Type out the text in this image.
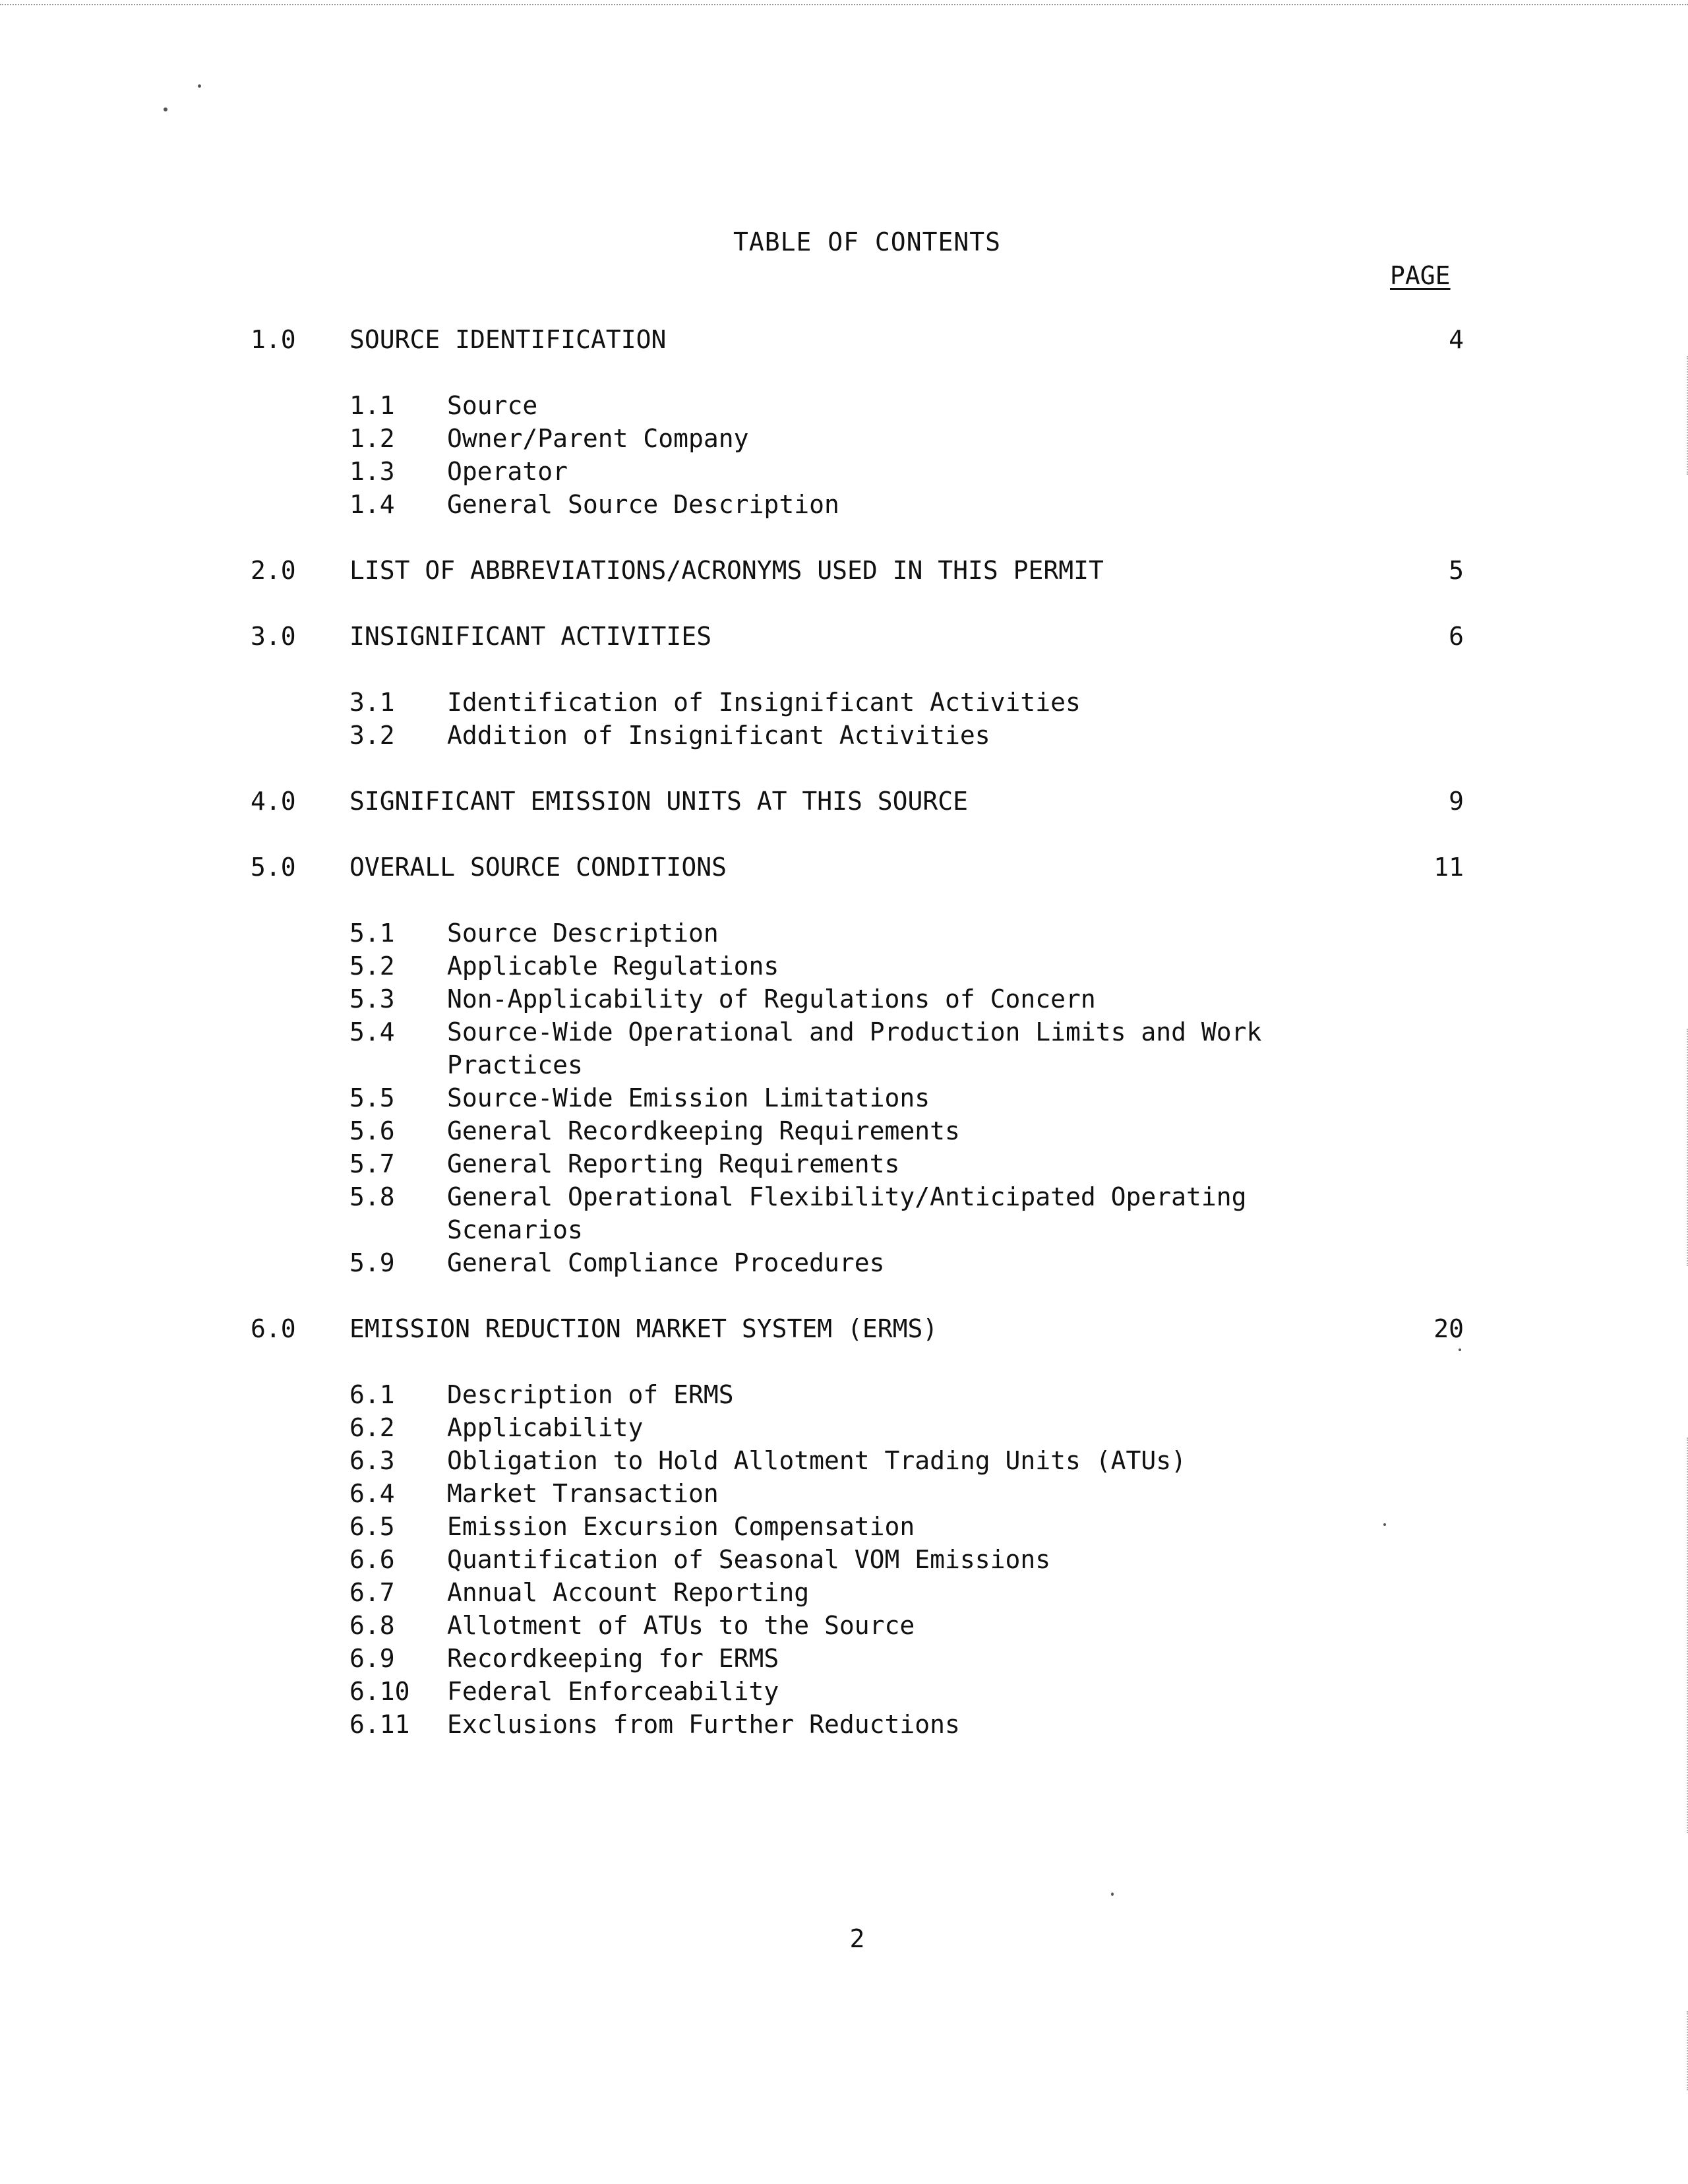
TABLE OF CONTENTS
PAGE
1.0 SOURCE IDENTIFICATION	4
1.1 Source
1.2 Owner/Parent Company
1.3 Operator
1.4 General Source Description
2.0 LIST OF ABBREVIATIONS/ACRONYMS USED IN THIS PERMIT	5
3.0 INSIGNIFICANT ACTIVITIES	6
3.1 Identification of Insignificant Activities
3.2 Addition of Insignificant Activities
4.0 SIGNIFICANT EMISSION UNITS AT THIS SOURCE	9
5.0 OVERALL SOURCE CONDITIONS	11
5.1 Source Description
5.2 Applicable Regulations
5.3 Non-Applicability of Regulations of Concern
5.4 Source-Wide Operational and Production Limits and Work Practices
5.5 Source-Wide Emission Limitations
5.6 General Recordkeeping Requirements
5.7 General Reporting Requirements
5.8 General Operational Flexibility/Anticipated Operating Scenarios
5.9 General Compliance Procedures
6.0 EMISSION REDUCTION MARKET SYSTEM (ERMS)	20
6.1 Description of ERMS
6.2 Applicability
6.3 Obligation to Hold Allotment Trading Units (ATUs)
6.4 Market Transaction
6.5 Emission Excursion Compensation
6.6 Quantification of Seasonal VOM Emissions
6.7 Annual Account Reporting
6.8 Allotment of ATUs to the Source
6.9 Recordkeeping for ERMS
6.10 Federal Enforceability
6.11 Exclusions from Further Reductions
2
